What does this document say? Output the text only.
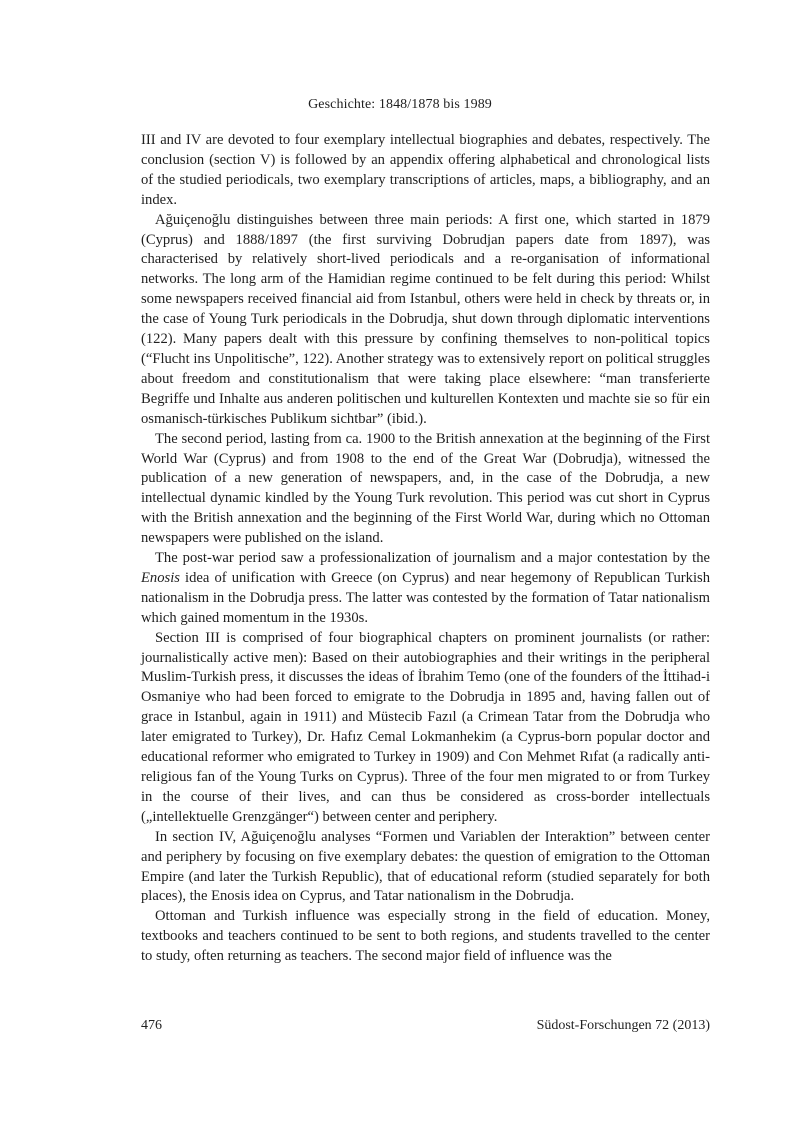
Geschichte: 1848/1878 bis 1989

III and IV are devoted to four exemplary intellectual biographies and debates, respectively. The conclusion (section V) is followed by an appendix offering alphabetical and chronological lists of the studied periodicals, two exemplary transcriptions of articles, maps, a bibliography, and an index.

Ağuiçenoğlu distinguishes between three main periods: A first one, which started in 1879 (Cyprus) and 1888/1897 (the first surviving Dobrudjan papers date from 1897), was characterised by relatively short-lived periodicals and a re-organisation of informational networks. The long arm of the Hamidian regime continued to be felt during this period: Whilst some newspapers received financial aid from Istanbul, others were held in check by threats or, in the case of Young Turk periodicals in the Dobrudja, shut down through diplomatic interventions (122). Many papers dealt with this pressure by confining themselves to non-political topics (“Flucht ins Unpolitische”, 122). Another strategy was to extensively report on political struggles about freedom and constitutionalism that were taking place elsewhere: “man transferierte Begriffe und Inhalte aus anderen politischen und kulturellen Kontexten und machte sie so für ein osmanisch-türkisches Publikum sichtbar” (ibid.).

The second period, lasting from ca. 1900 to the British annexation at the beginning of the First World War (Cyprus) and from 1908 to the end of the Great War (Dobrudja), witnessed the publication of a new generation of newspapers, and, in the case of the Dobrudja, a new intellectual dynamic kindled by the Young Turk revolution. This period was cut short in Cyprus with the British annexation and the beginning of the First World War, during which no Ottoman newspapers were published on the island.

The post-war period saw a professionalization of journalism and a major contestation by the Enosis idea of unification with Greece (on Cyprus) and near hegemony of Republican Turkish nationalism in the Dobrudja press. The latter was contested by the formation of Tatar nationalism which gained momentum in the 1930s.

Section III is comprised of four biographical chapters on prominent journalists (or rather: journalistically active men): Based on their autobiographies and their writings in the peripheral Muslim-Turkish press, it discusses the ideas of İbrahim Temo (one of the founders of the İttihad-i Osmaniye who had been forced to emigrate to the Dobrudja in 1895 and, having fallen out of grace in Istanbul, again in 1911) and Müstecib Fazıl (a Crimean Tatar from the Dobrudja who later emigrated to Turkey), Dr. Hafız Cemal Lokmanhekim (a Cyprus-born popular doctor and educational reformer who emigrated to Turkey in 1909) and Con Mehmet Rıfat (a radically anti-religious fan of the Young Turks on Cyprus). Three of the four men migrated to or from Turkey in the course of their lives, and can thus be considered as cross-border intellectuals („intellektuelle Grenzgänger“) between center and periphery.

In section IV, Ağuiçenoğlu analyses “Formen und Variablen der Interaktion” between center and periphery by focusing on five exemplary debates: the question of emigration to the Ottoman Empire (and later the Turkish Republic), that of educational reform (studied separately for both places), the Enosis idea on Cyprus, and Tatar nationalism in the Dobrudja.

Ottoman and Turkish influence was especially strong in the field of education. Money, textbooks and teachers continued to be sent to both regions, and students travelled to the center to study, often returning as teachers. The second major field of influence was the

476	Südost-Forschungen 72 (2013)
